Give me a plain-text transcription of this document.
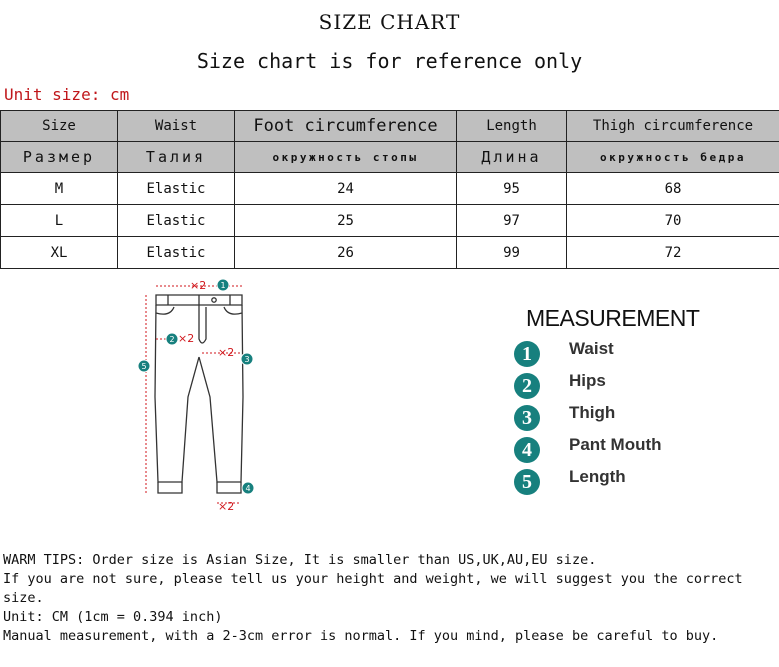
SIZE CHART
Size chart is for reference only
Unit size: cm
Size	Waist	Foot circumference	Length	Thigh circumference
Размер	Талия	окружность стопы	Длина	окружность бедра
M	Elastic	24	95	68
L	Elastic	25	97	70
XL	Elastic	26	99	72
×2
×2
×2
×2
1
2
3
4
5
MEASUREMENT
1	Waist
2	Hips
3	Thigh
4	Pant Mouth
5	Length

WARM TIPS: Order size is Asian Size, It is smaller than US,UK,AU,EU size.

If you are not sure, please tell us your height and weight, we will suggest you the correct size.

Unit: CM (1cm = 0.394 inch)

Manual measurement, with a 2-3cm error is normal. If you mind, please be careful to buy.
